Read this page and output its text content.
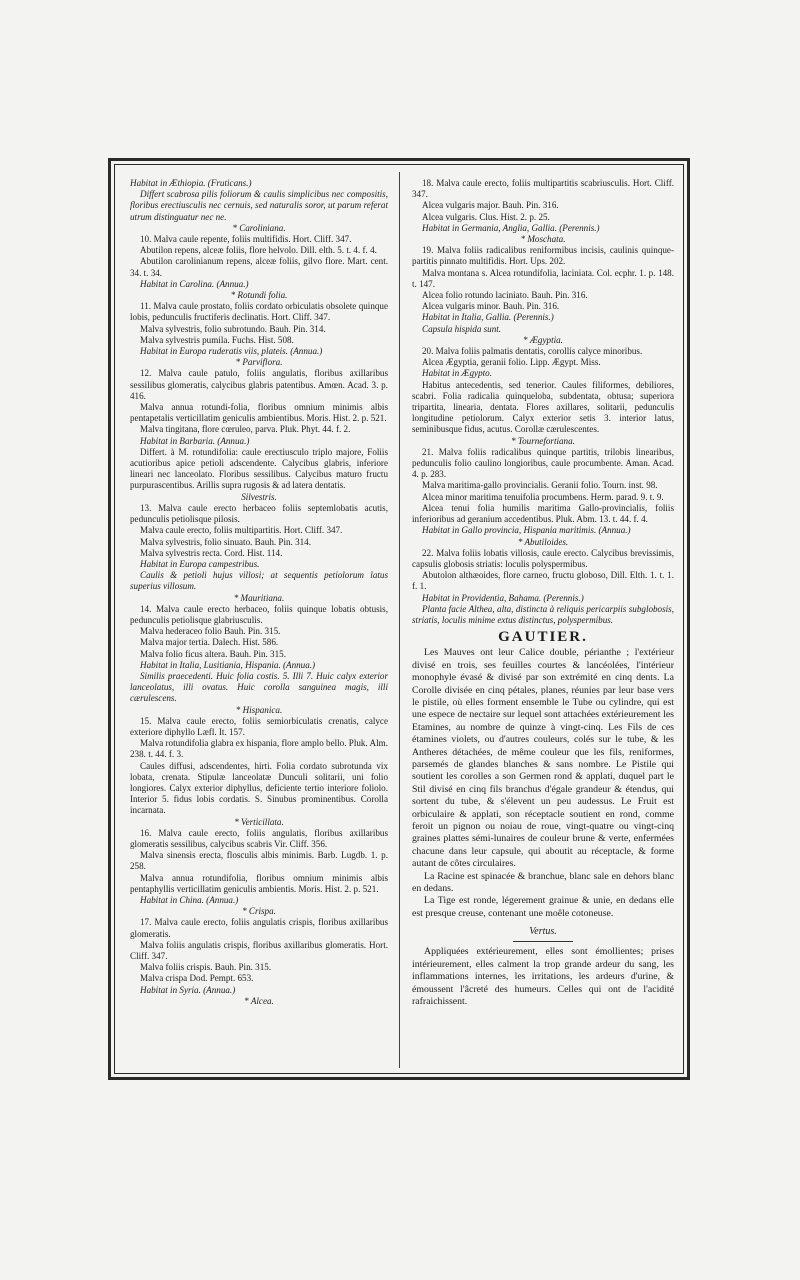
Habitat in Æthiopia. (Fruticans.)

Differt scabrosa pilis foliorum & caulis simplicibus nec compositis, floribus erectiusculis nec cernuis, sed naturalis soror, ut parum referat utrum distinguatur nec ne.

* Caroliniana.

10. Malva caule repente, foliis multifidis. Hort. Cliff. 347.

Abutilon repens, alceæ foliis, flore helvolo. Dill. elth. 5. t. 4. f. 4.

Abutilon carolinianum repens, alceæ foliis, gilvo flore. Mart. cent. 34. t. 34.

Habitat in Carolina. (Annua.)

* Rotundi folia.

11. Malva caule prostato, foliis cordato orbiculatis obsolete quinque lobis, pedunculis fructiferis declinatis. Hort. Cliff. 347.

Malva sylvestris, folio subrotundo. Bauh. Pin. 314.

Malva sylvestris pumila. Fuchs. Hist. 508.

Habitat in Europa ruderatis viis, plateis. (Annua.)

* Parviflora.

12. Malva caule patulo, foliis angulatis, floribus axillaribus sessilibus glomeratis, calycibus glabris patentibus. Amœn. Acad. 3. p. 416.

Malva annua rotundi-folia, floribus omnium minimis albis pentapetalis verticillatim geniculis ambientibus. Moris. Hist. 2. p. 521.

Malva tingitana, flore cœruleo, parva. Pluk. Phyt. 44. f. 2.

Habitat in Barbaria. (Annua.)

Differt. à M. rotundifolia: caule erectiusculo triplo majore, Foliis acutioribus apice petioli adscendente. Calycibus glabris, inferiore lineari nec lanceolato. Floribus sessilibus. Calycibus maturo fructu purpurascentibus. Arillis supra rugosis & ad latera dentatis.

Silvestris.

13. Malva caule erecto herbaceo foliis septemlobatis acutis, pedunculis petiolisque pilosis.

Malva caule erecto, foliis multipartitis. Hort. Cliff. 347.

Malva sylvestris, folio sinuato. Bauh. Pin. 314.

Malva sylvestris recta. Cord. Hist. 114.

Habitat in Europa campestribus.

Caulis & petioli hujus villosi; at sequentis petiolorum latus superius villosum.

* Mauritiana.

14. Malva caule erecto herbaceo, foliis quinque lobatis obtusis, pedunculis petiolisque glabriusculis.

Malva hederaceo folio Bauh. Pin. 315.

Malva major tertia. Dalech. Hist. 586.

Malva folio ficus altera. Bauh. Pin. 315.

Habitat in Italia, Lusitiania, Hispania. (Annua.)

Similis praecedenti. Huic folia costis. 5. Illi 7. Huic calyx exterior lanceolatus, illi ovatus. Huic corolla sanguinea magis, illi cærulescens.

* Hispanica.

15. Malva caule erecto, foliis semiorbiculatis crenatis, calyce exteriore diphyllo Læfl. It. 157.

Malva rotundifolia glabra ex hispania, flore amplo bello. Pluk. Alm. 238. t. 44. f. 3.

Caules diffusi, adscendentes, hirti. Folia cordato subrotunda vix lobata, crenata. Stipulæ lanceolatæ Dunculi solitarii, uni folio longiores. Calyx exterior diphyllus, deficiente tertio interiore foliolo. Interior 5. fidus lobis cordatis. S. Sinubus prominentibus. Corolla incarnata.

* Verticillata.

16. Malva caule erecto, foliis angulatis, floribus axillaribus glomeratis sessilibus, calycibus scabris Vir. Cliff. 356.

Malva sinensis erecta, flosculis albis minimis. Barb. Lugdb. 1. p. 258.

Malva annua rotundifolia, floribus omnium minimis albis pentaphyllis verticillatim geniculis ambientis. Moris. Hist. 2. p. 521.

Habitat in China. (Annua.)

* Crispa.

17. Malva caule erecto, foliis angulatis crispis, floribus axillaribus glomeratis.

Malva foliis angulatis crispis, floribus axillaribus glomeratis. Hort. Cliff. 347.

Malva foliis crispis. Bauh. Pin. 315.

Malva crispa Dod. Pempt. 653.

Habitat in Syria. (Annua.)

* Alcea.

18. Malva caule erecto, foliis multipartitis scabriusculis. Hort. Cliff. 347.

Alcea vulgaris major. Bauh. Pin. 316.

Alcea vulgaris. Clus. Hist. 2. p. 25.

Habitat in Germania, Anglia, Gallia. (Perennis.)

* Moschata.

19. Malva foliis radicalibus reniformibus incisis, caulinis quinque-partitis pinnato multifidis. Hort. Ups. 202.

Malva montana s. Alcea rotundifolia, laciniata. Col. ecphr. 1. p. 148. t. 147.

Alcea folio rotundo laciniato. Bauh. Pin. 316.

Alcea vulgaris minor. Bauh. Pin. 316.

Habitat in Italia, Gallia. (Perennis.)

Capsula hispida sunt.

* Ægyptia.

20. Malva foliis palmatis dentatis, corollis calyce minoribus.

Alcea Ægyptia, geranii folio. Lipp. Ægypt. Miss.

Habitat in Ægypto.

Habitus antecedentis, sed tenerior. Caules filiformes, debiliores, scabri. Folia radicalia quinqueloba, subdentata, obtusa; superiora tripartita, linearia, dentata. Flores axillares, solitarii, pedunculis longitudine petiolorum. Calyx exterior setis 3. interior latus, seminibusque fidus, acutus. Corollæ cærulescentes.

* Tournefortiana.

21. Malva foliis radicalibus quinque partitis, trilobis linearibus, pedunculis folio caulino longioribus, caule procumbente. Aman. Acad. 4. p. 283.

Malva maritima-gallo provincialis. Geranii folio. Tourn. inst. 98.

Alcea minor maritima tenuifolia procumbens. Herm. parad. 9. t. 9.

Alcea tenui folia humilis maritima Gallo-provincialis, foliis inferioribus ad geranium accedentibus. Pluk. Abm. 13. t. 44. f. 4.

Habitat in Gallo provincia, Hispania maritimis. (Annua.)

* Abutiloides.

22. Malva foliis lobatis villosis, caule erecto. Calycibus brevissimis, capsulis globosis striatis: loculis polyspermibus.

Abutolon althæoides, flore carneo, fructu globoso, Dill. Elth. 1. t. 1. f. 1.

Habitat in Providentia, Bahama. (Perennis.)

Planta facie Althea, alta, distincta à reliquis pericarpiis subglobosis, striatis, loculis minime extus distinctus, polyspermibus.

GAUTIER.

Les Mauves ont leur Calice double, périanthe ; l'extérieur divisé en trois, ses feuilles courtes & lancéolées, l'intérieur monophyle évasé & divisé par son extrémité en cinq dents. La Corolle divisée en cinq pétales, planes, réunies par leur base vers le pistile, où elles forment ensemble le Tube ou cylindre, qui est une espece de nectaire sur lequel sont attachées extérieurement les Etamines, au nombre de quinze à vingt-cinq. Les Fils de ces étamines violets, ou d'autres couleurs, colés sur le tube, & les Antheres détachées, de même couleur que les fils, reniformes, parsemés de glandes blanches & sans nombre. Le Pistile qui soutient les corolles a son Germen rond & applati, duquel part le Stil divisé en cinq fils branchus d'égale grandeur & étendus, qui sortent du tube, & s'élevent un peu audessus. Le Fruit est orbiculaire & applati, son réceptacle soutient en rond, comme feroit un pignon ou noiau de roue, vingt-quatre ou vingt-cinq graines plattes sémi-lunaires de couleur brune & verte, enfermées chacune dans leur capsule, qui aboutit au réceptacle, & forme autant de côtes circulaires.

La Racine est spinacée & branchue, blanc sale en dehors blanc en dedans.

La Tige est ronde, légerement grainue & unie, en dedans elle est presque creuse, contenant une moêle cotoneuse.

Vertus.

Appliquées extérieurement, elles sont émollientes; prises intérieurement, elles calment la trop grande ardeur du sang, les inflammations internes, les irritations, les ardeurs d'urine, & émoussent l'âcreté des humeurs. Celles qui ont de l'acidité rafraichissent.
